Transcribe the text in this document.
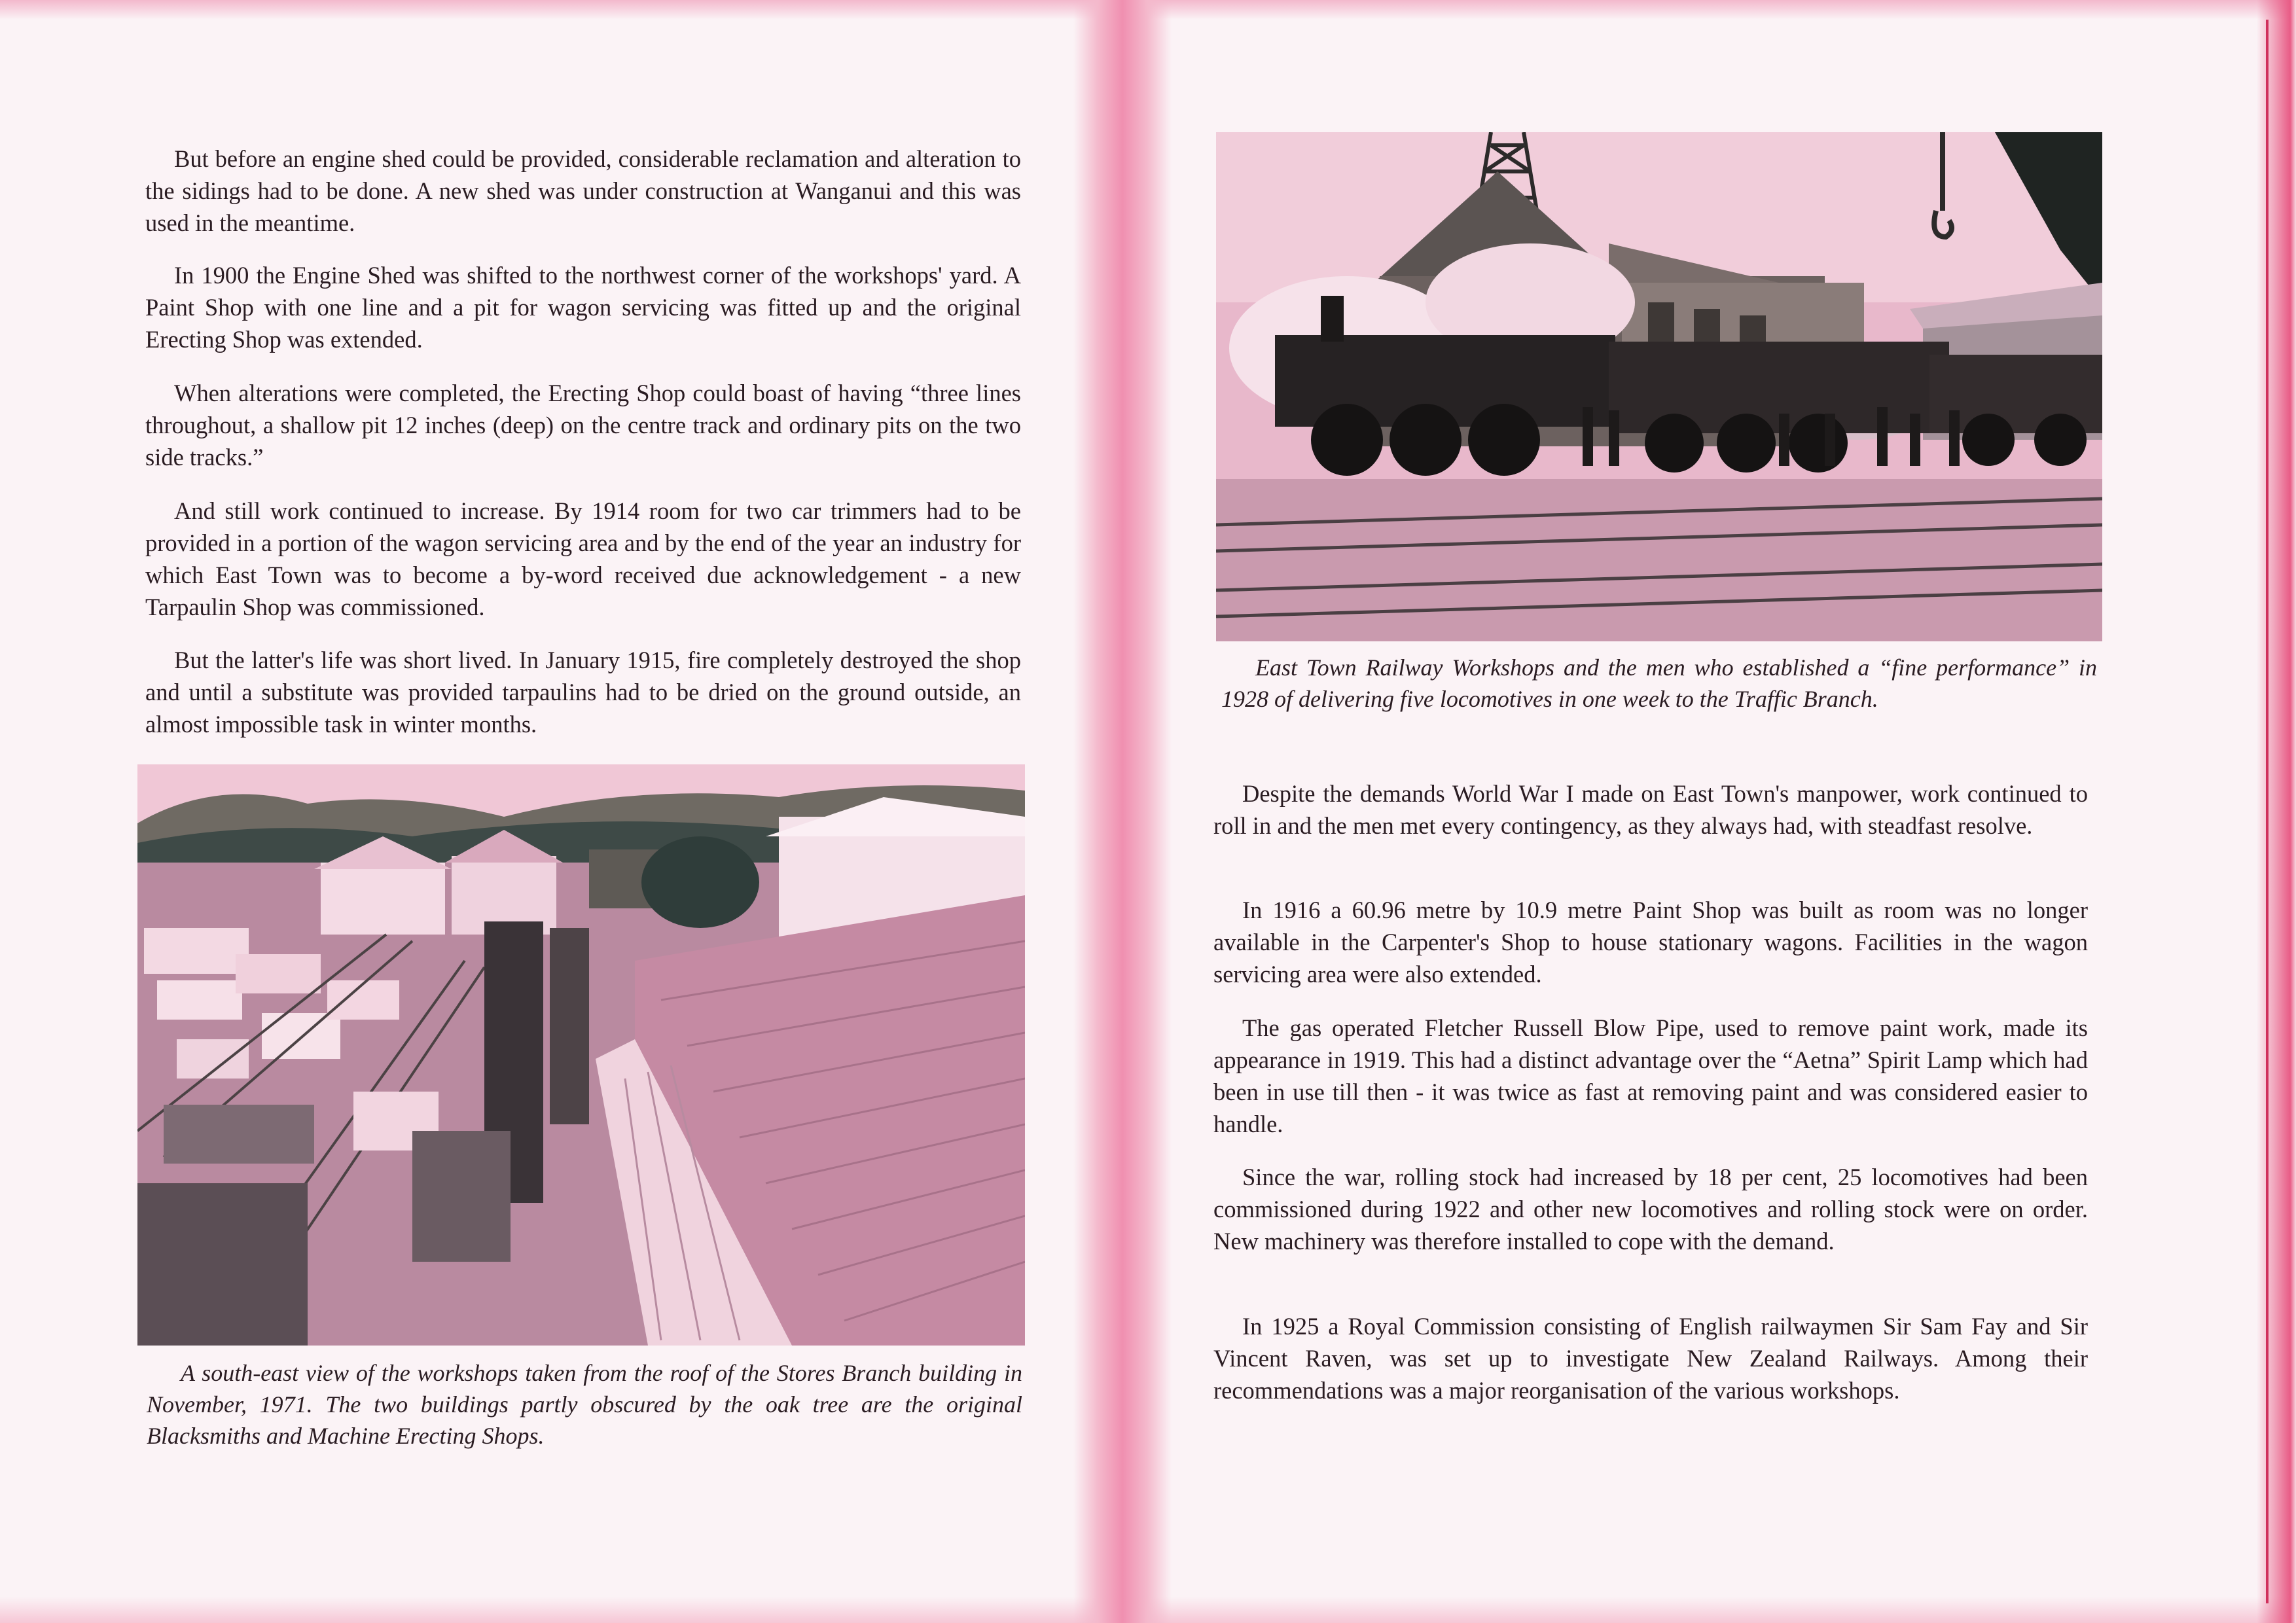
But before an engine shed could be provided, considerable reclamation and alteration to the sidings had to be done. A new shed was under construction at Wanganui and this was used in the meantime.

In 1900 the Engine Shed was shifted to the northwest corner of the workshops' yard. A Paint Shop with one line and a pit for wagon servicing was fitted up and the original Erecting Shop was extended.

When alterations were completed, the Erecting Shop could boast of having “three lines throughout, a shallow pit 12 inches (deep) on the centre track and ordinary pits on the two side tracks.”

And still work continued to increase. By 1914 room for two car trimmers had to be provided in a portion of the wagon servicing area and by the end of the year an industry for which East Town was to become a by-word received due acknowledgement - a new Tarpaulin Shop was commissioned.

But the latter's life was short lived. In January 1915, fire completely destroyed the shop and until a substitute was provided tarpaulins had to be dried on the ground outside, an almost impossible task in winter months.

A south-east view of the workshops taken from the roof of the Stores Branch building in November, 1971. The two buildings partly obscured by the oak tree are the original Blacksmiths and Machine Erecting Shops.

East Town Railway Workshops and the men who established a “fine performance” in 1928 of delivering five locomotives in one week to the Traffic Branch.

Despite the demands World War I made on East Town's manpower, work continued to roll in and the men met every contingency, as they always had, with steadfast resolve.

In 1916 a 60.96 metre by 10.9 metre Paint Shop was built as room was no longer available in the Carpenter's Shop to house stationary wagons. Facilities in the wagon servicing area were also extended.

The gas operated Fletcher Russell Blow Pipe, used to remove paint work, made its appearance in 1919. This had a distinct advantage over the “Aetna” Spirit Lamp which had been in use till then - it was twice as fast at removing paint and was considered easier to handle.

Since the war, rolling stock had increased by 18 per cent, 25 locomotives had been commissioned during 1922 and other new locomotives and rolling stock were on order. New machinery was therefore installed to cope with the demand.

In 1925 a Royal Commission consisting of English railwaymen Sir Sam Fay and Sir Vincent Raven, was set up to investigate New Zealand Railways. Among their recommendations was a major reorganisation of the various workshops.
